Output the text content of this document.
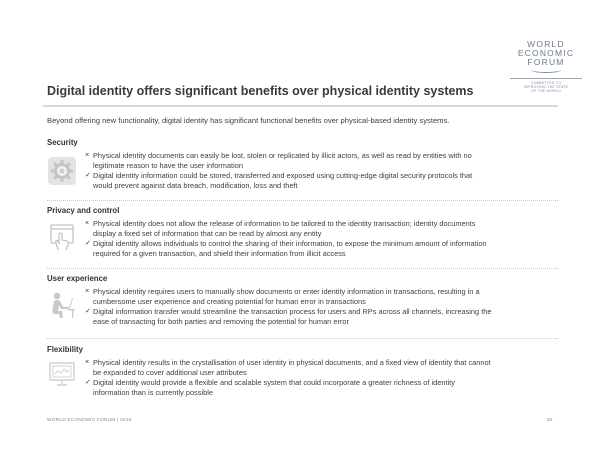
WORLD
ECONOMIC
FORUM
COMMITTED TO
IMPROVING THE STATE
OF THE WORLD
Digital identity offers significant benefits over physical identity systems
Beyond offering new functionality, digital identity has significant functional benefits over physical-based identity systems.
Security
× Physical identity documents can easily be lost, stolen or replicated by illicit actors, as well as read by entities with no
legitimate reason to have the user information
✓ Digital identity information could be stored, transferred and exposed using cutting-edge digital security protocols that
would prevent against data breach, modification, loss and theft
Privacy and control
× Physical identity does not allow the release of information to be tailored to the identity transaction; identity documents
display a fixed set of information that can be read by almost any entity
✓ Digital identity allows individuals to control the sharing of their information, to expose the minimum amount of information
required for a given transaction, and shield their information from illicit access
User experience
× Physical identity requires users to manually show documents or enter identity information in transactions, resulting in a
cumbersome user experience and creating potential for human error in transactions
✓ Digital information transfer would streamline the transaction process for users and RPs across all channels, increasing the
ease of transacting for both parties and removing the potential for human error
Flexibility
× Physical identity results in the crystallisation of user identity in physical documents, and a fixed view of identity that cannot
be expanded to cover additional user attributes
✓ Digital identity would provide a flexible and scalable system that could incorporate a greater richness of identity
information than is currently possible
WORLD ECONOMIC FORUM | 2016	50
